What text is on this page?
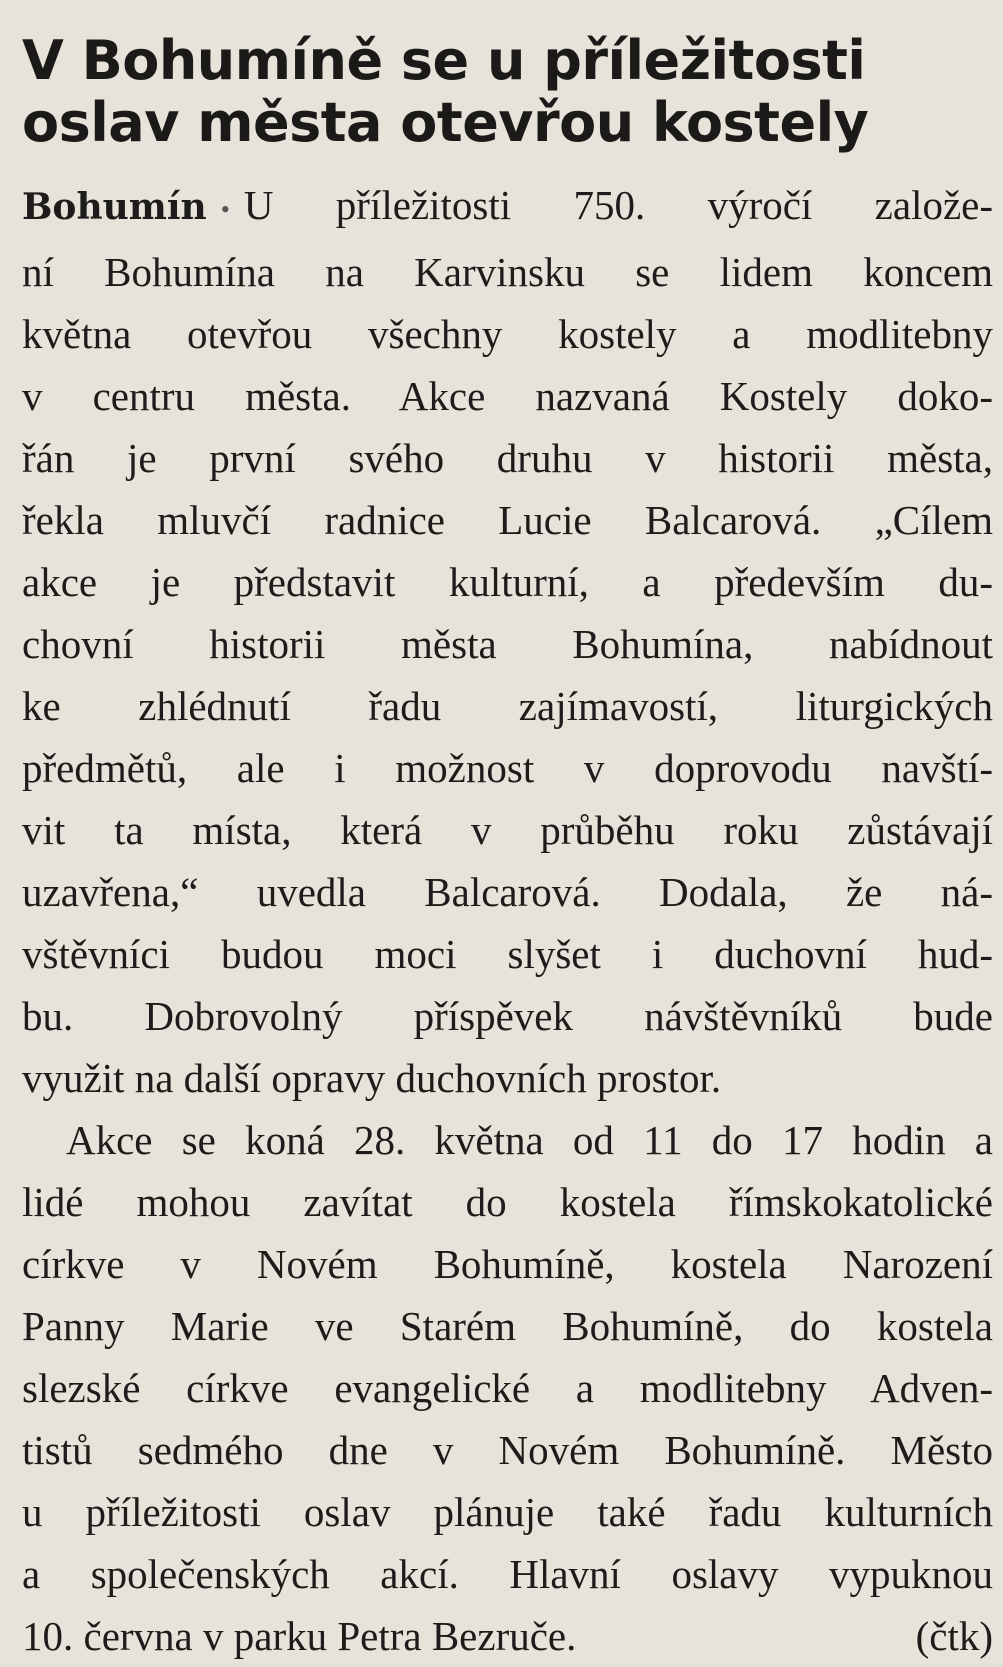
V Bohumíně se u příležitosti
oslav města otevřou kostely
Bohumín • U příležitosti 750. výročí založe-
ní Bohumína na Karvinsku se lidem koncem
května otevřou všechny kostely a modlitebny
v centru města. Akce nazvaná Kostely doko-
řán je první svého druhu v historii města,
řekla mluvčí radnice Lucie Balcarová. „Cílem
akce je představit kulturní, a především du-
chovní historii města Bohumína, nabídnout
ke zhlédnutí řadu zajímavostí, liturgických
předmětů, ale i možnost v doprovodu navští-
vit ta místa, která v průběhu roku zůstávají
uzavřena,“ uvedla Balcarová. Dodala, že ná-
vštěvníci budou moci slyšet i duchovní hud-
bu. Dobrovolný příspěvek návštěvníků bude
využit na další opravy duchovních prostor.
Akce se koná 28. května od 11 do 17 hodin a
lidé mohou zavítat do kostela římskokatolické
církve v Novém Bohumíně, kostela Narození
Panny Marie ve Starém Bohumíně, do kostela
slezské církve evangelické a modlitebny Adven-
tistů sedmého dne v Novém Bohumíně. Město
u příležitosti oslav plánuje také řadu kulturních
a společenských akcí. Hlavní oslavy vypuknou
10. června v parku Petra Bezruče.	(čtk)
